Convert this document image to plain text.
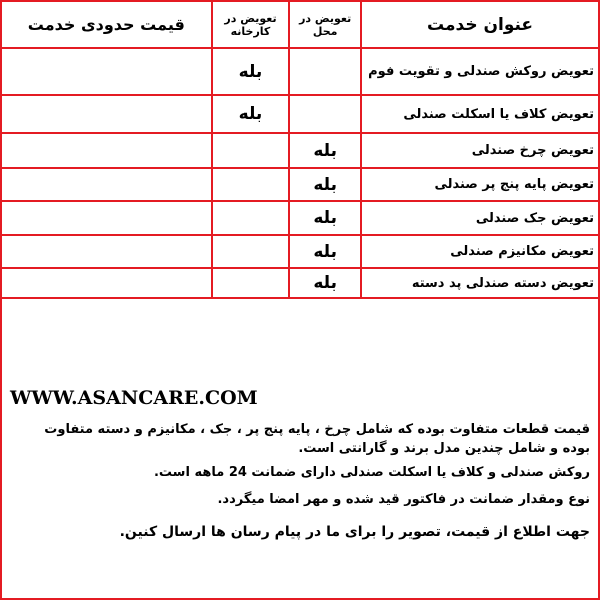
قیمت حدودی خدمت	تعویض در کارخانه	تعویض در محل	عنوان خدمت
	بله		تعویض روکش صندلی و تقویت فوم
	بله		تعویض کلاف یا اسکلت صندلی
		بله	تعویض چرخ صندلی
		بله	تعویض پایه پنج پر صندلی
		بله	تعویض جک صندلی
		بله	تعویض مکانیزم صندلی
		بله	تعویض دسته صندلی پد دسته
WWW.ASANCARE.COM

قیمت قطعات متفاوت بوده که شامل چرخ ، پایه پنج پر ، جک ، مکانیزم و دسته متفاوت بوده و شامل چندین مدل برند و گارانتی است.

روکش صندلی و کلاف یا اسکلت صندلی دارای ضمانت 24 ماهه است.

نوع ومقدار ضمانت در فاکتور قید شده و مهر امضا میگردد.

جهت اطلاع از قیمت، تصویر را برای ما در پیام رسان ها ارسال کنین.
